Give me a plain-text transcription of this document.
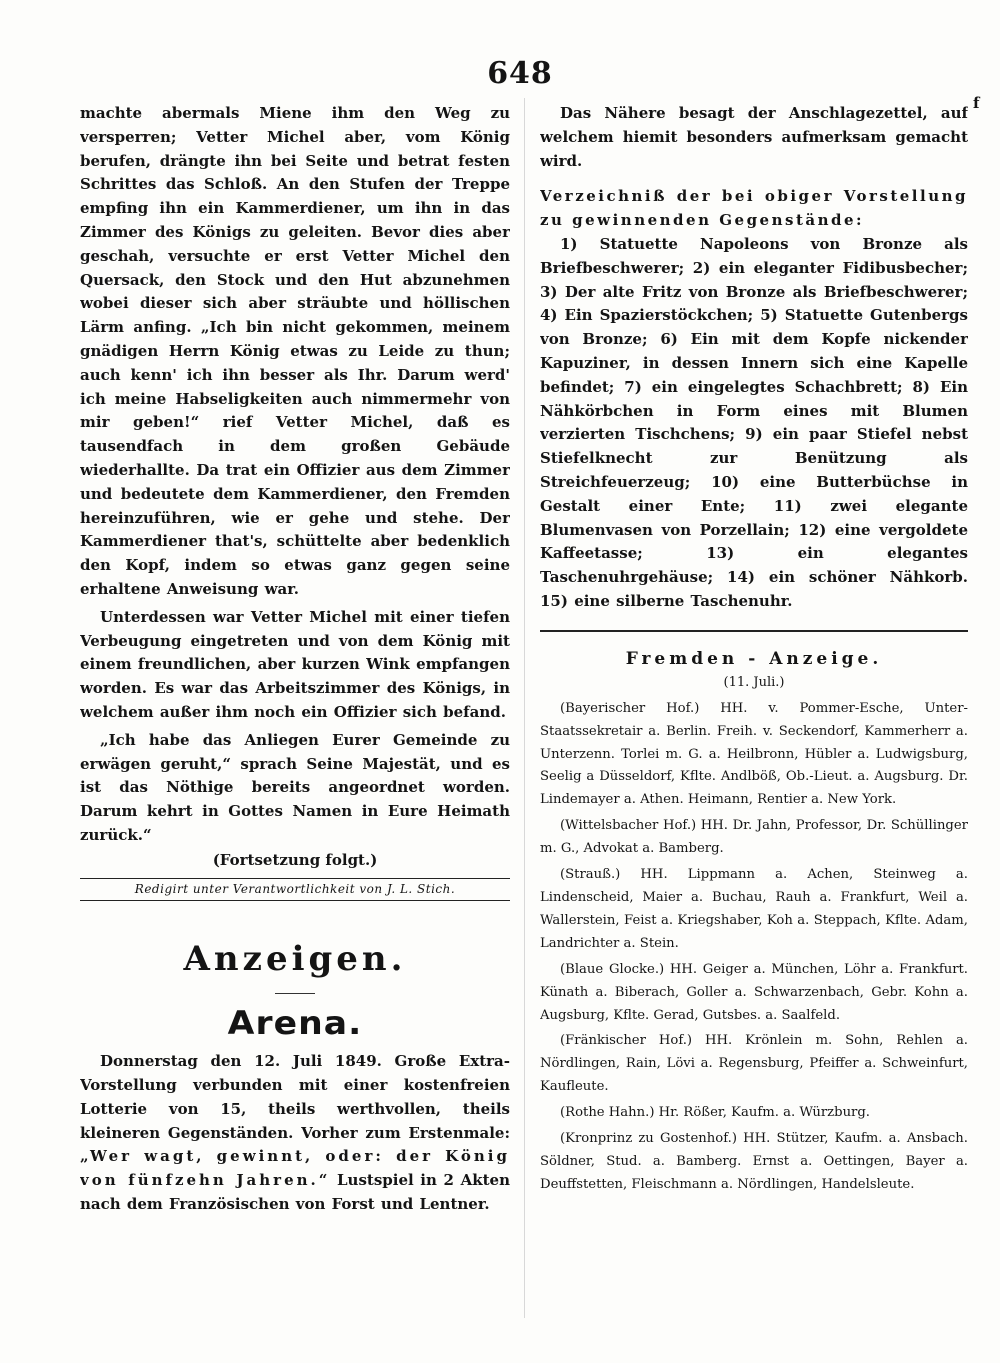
648
f

machte abermals Miene ihm den Weg zu versperren; Vetter Michel aber, vom König berufen, drängte ihn bei Seite und betrat festen Schrittes das Schloß. An den Stufen der Treppe empfing ihn ein Kammerdiener, um ihn in das Zimmer des Königs zu geleiten. Bevor dies aber geschah, versuchte er erst Vetter Michel den Quersack, den Stock und den Hut abzunehmen wobei dieser sich aber sträubte und höllischen Lärm anfing. „Ich bin nicht gekommen, meinem gnädigen Herrn König etwas zu Leide zu thun; auch kenn' ich ihn besser als Ihr. Darum werd' ich meine Habseligkeiten auch nimmermehr von mir geben!“ rief Vetter Michel, daß es tausendfach in dem großen Gebäude wiederhallte. Da trat ein Offizier aus dem Zimmer und bedeutete dem Kammerdiener, den Fremden hereinzuführen, wie er gehe und stehe. Der Kammerdiener that's, schüttelte aber bedenklich den Kopf, indem so etwas ganz gegen seine erhaltene Anweisung war.

Unterdessen war Vetter Michel mit einer tiefen Verbeugung eingetreten und von dem König mit einem freundlichen, aber kurzen Wink empfangen worden. Es war das Arbeitszimmer des Königs, in welchem außer ihm noch ein Offizier sich befand.

„Ich habe das Anliegen Eurer Gemeinde zu erwägen geruht,“ sprach Seine Majestät, und es ist das Nöthige bereits angeordnet worden. Darum kehrt in Gottes Namen in Eure Heimath zurück.“

(Fortsetzung folgt.)

Redigirt unter Verantwortlichkeit von J. L. Stich.
Anzeigen.
Arena.

Donnerstag den 12. Juli 1849. Große Extra-Vorstellung verbunden mit einer kostenfreien Lotterie von 15, theils werthvollen, theils kleineren Gegenständen. Vorher zum Erstenmale: „Wer wagt, gewinnt, oder: der König von fünfzehn Jahren.“ Lustspiel in 2 Akten nach dem Französischen von Forst und Lentner.

Das Nähere besagt der Anschlagezettel, auf welchem hiemit besonders aufmerksam gemacht wird.

Verzeichniß der bei obiger Vorstellung zu gewinnenden Gegenstände:

1) Statuette Napoleons von Bronze als Briefbeschwerer; 2) ein eleganter Fidibusbecher; 3) Der alte Fritz von Bronze als Briefbeschwerer; 4) Ein Spazierstöckchen; 5) Statuette Gutenbergs von Bronze; 6) Ein mit dem Kopfe nickender Kapuziner, in dessen Innern sich eine Kapelle befindet; 7) ein eingelegtes Schachbrett; 8) Ein Nähkörbchen in Form eines mit Blumen verzierten Tischchens; 9) ein paar Stiefel nebst Stiefelknecht zur Benützung als Streichfeuerzeug; 10) eine Butterbüchse in Gestalt einer Ente; 11) zwei elegante Blumenvasen von Porzellain; 12) eine vergoldete Kaffeetasse; 13) ein elegantes Taschenuhrgehäuse; 14) ein schöner Nähkorb. 15) eine silberne Taschenuhr.

Fremden - Anzeige.

(11. Juli.)

(Bayerischer Hof.) HH. v. Pommer-Esche, Unter-Staatssekretair a. Berlin. Freih. v. Seckendorf, Kammerherr a. Unterzenn. Torlei m. G. a. Heilbronn, Hübler a. Ludwigsburg, Seelig a Düsseldorf, Kflte. Andlböß, Ob.-Lieut. a. Augsburg. Dr. Lindemayer a. Athen. Heimann, Rentier a. New York.

(Wittelsbacher Hof.) HH. Dr. Jahn, Professor, Dr. Schüllinger m. G., Advokat a. Bamberg.

(Strauß.) HH. Lippmann a. Achen, Steinweg a. Lindenscheid, Maier a. Buchau, Rauh a. Frankfurt, Weil a. Wallerstein, Feist a. Kriegshaber, Koh a. Steppach, Kflte. Adam, Landrichter a. Stein.

(Blaue Glocke.) HH. Geiger a. München, Löhr a. Frankfurt. Künath a. Biberach, Goller a. Schwarzenbach, Gebr. Kohn a. Augsburg, Kflte. Gerad, Gutsbes. a. Saalfeld.

(Fränkischer Hof.) HH. Krönlein m. Sohn, Rehlen a. Nördlingen, Rain, Lövi a. Regensburg, Pfeiffer a. Schweinfurt, Kaufleute.

(Rothe Hahn.) Hr. Rößer, Kaufm. a. Würzburg.

(Kronprinz zu Gostenhof.) HH. Stützer, Kaufm. a. Ansbach. Söldner, Stud. a. Bamberg. Ernst a. Oettingen, Bayer a. Deuffstetten, Fleischmann a. Nördlingen, Handelsleute.
